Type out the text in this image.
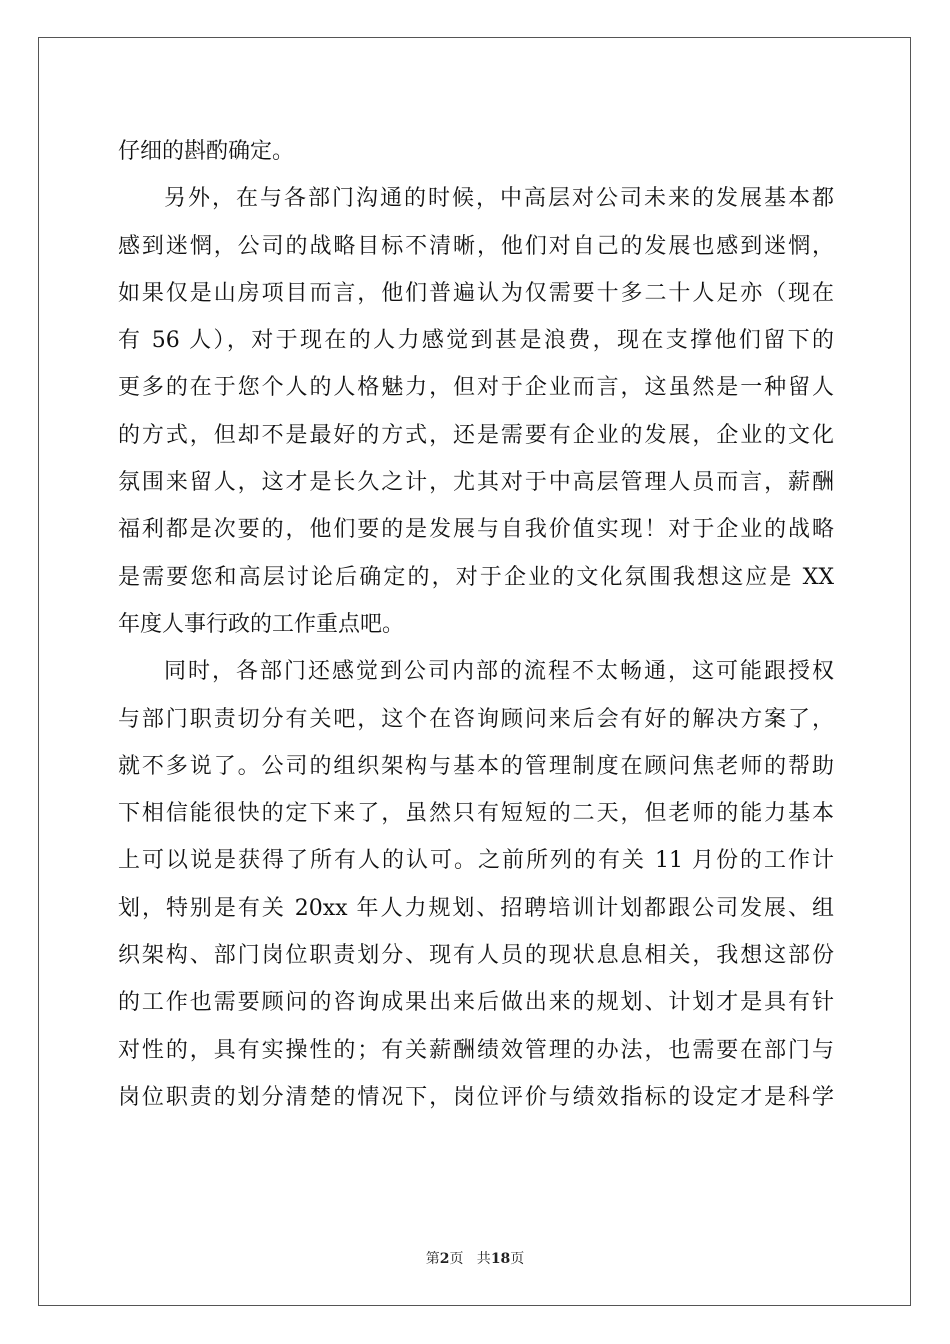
仔细的斟酌确定。
另外，在与各部门沟通的时候，中高层对公司未来的发展基本都
感到迷惘，公司的战略目标不清晰，他们对自己的发展也感到迷惘，
如果仅是山房项目而言，他们普遍认为仅需要十多二十人足亦（现在
有 56 人），对于现在的人力感觉到甚是浪费，现在支撑他们留下的
更多的在于您个人的人格魅力，但对于企业而言，这虽然是一种留人
的方式，但却不是最好的方式，还是需要有企业的发展，企业的文化
氛围来留人，这才是长久之计，尤其对于中高层管理人员而言，薪酬
福利都是次要的，他们要的是发展与自我价值实现！对于企业的战略
是需要您和高层讨论后确定的，对于企业的文化氛围我想这应是 XX
年度人事行政的工作重点吧。
同时，各部门还感觉到公司内部的流程不太畅通，这可能跟授权
与部门职责切分有关吧，这个在咨询顾问来后会有好的解决方案了，
就不多说了。公司的组织架构与基本的管理制度在顾问焦老师的帮助
下相信能很快的定下来了，虽然只有短短的二天，但老师的能力基本
上可以说是获得了所有人的认可。之前所列的有关 11 月份的工作计
划，特别是有关 20xx 年人力规划、招聘培训计划都跟公司发展、组
织架构、部门岗位职责划分、现有人员的现状息息相关，我想这部份
的工作也需要顾问的咨询成果出来后做出来的规划、计划才是具有针
对性的，具有实操性的；有关薪酬绩效管理的办法，也需要在部门与
岗位职责的划分清楚的情况下，岗位评价与绩效指标的设定才是科学
第2页   共18页
